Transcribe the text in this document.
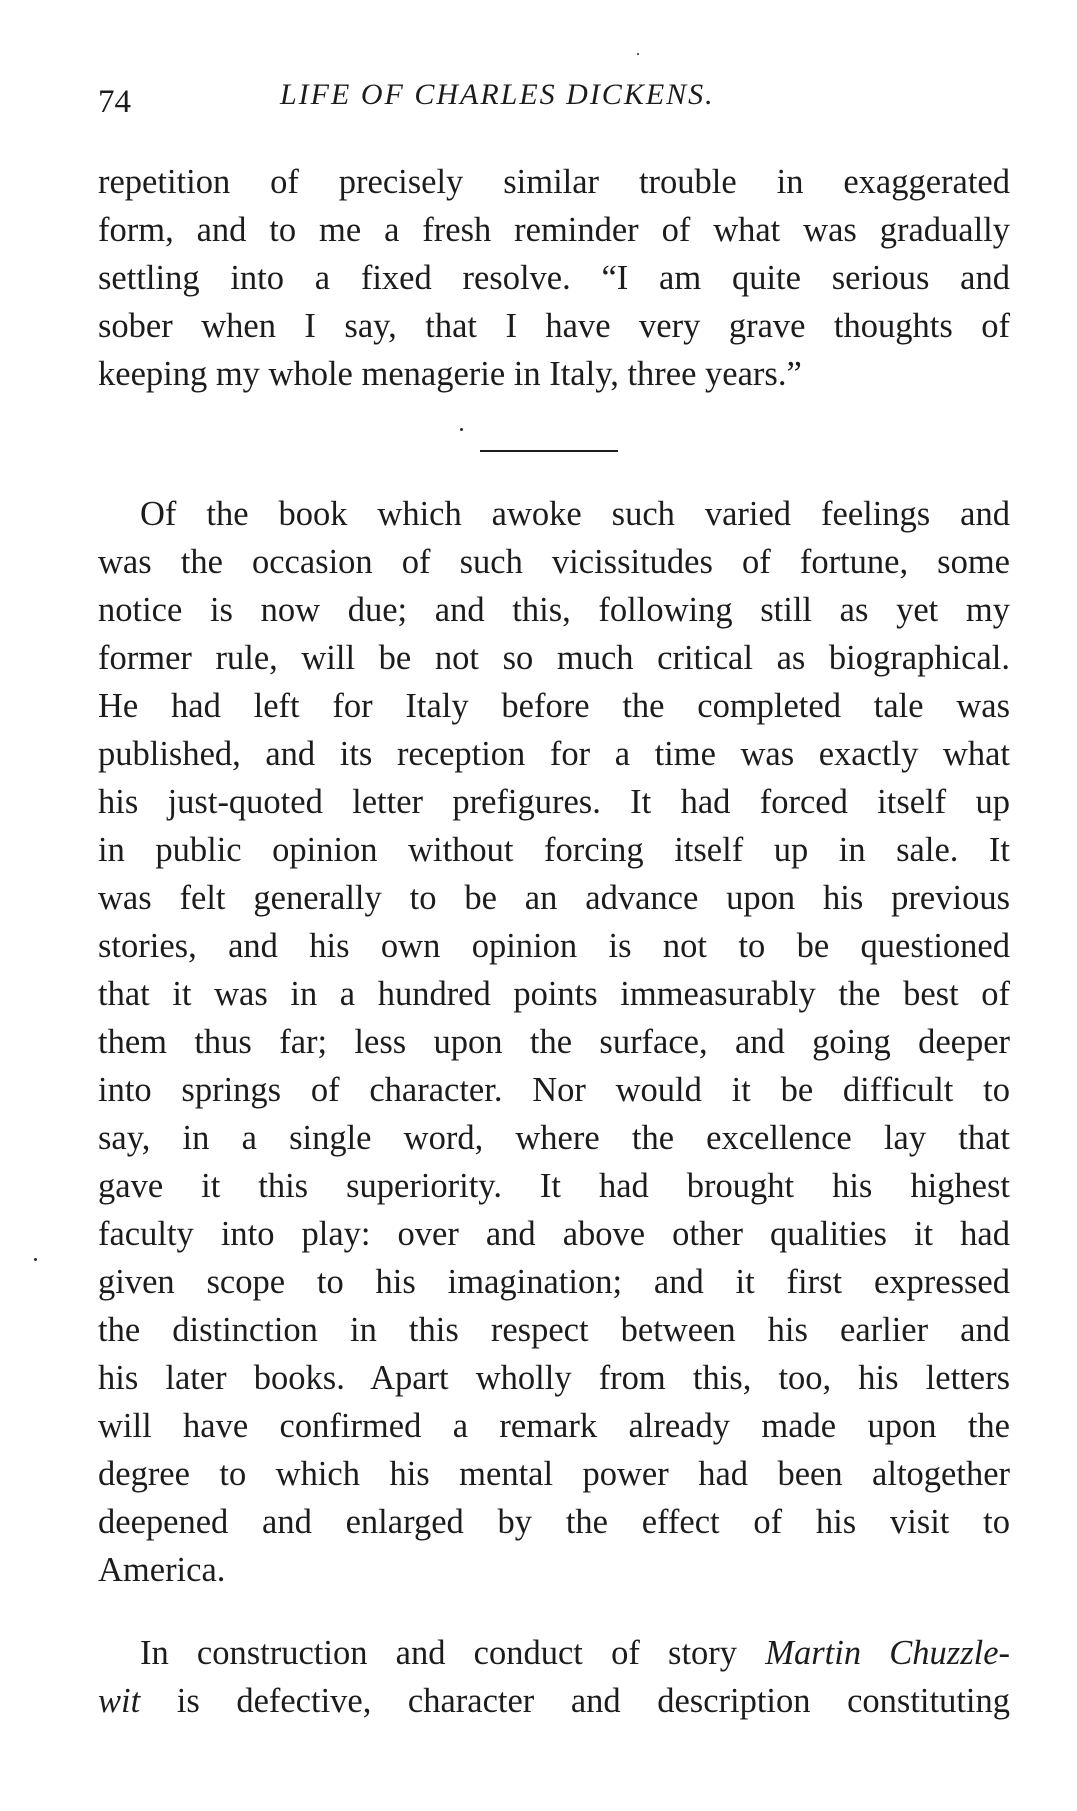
74	LIFE OF CHARLES DICKENS.
repetition of precisely similar trouble in exaggerated
form, and to me a fresh reminder of what was gradually
settling into a fixed resolve. “I am quite serious and
sober when I say, that I have very grave thoughts of
keeping my whole menagerie in Italy, three years.”
Of the book which awoke such varied feelings and
was the occasion of such vicissitudes of fortune, some
notice is now due; and this, following still as yet my
former rule, will be not so much critical as biographical.
He had left for Italy before the completed tale was
published, and its reception for a time was exactly what
his just-quoted letter prefigures. It had forced itself up
in public opinion without forcing itself up in sale. It
was felt generally to be an advance upon his previous
stories, and his own opinion is not to be questioned
that it was in a hundred points immeasurably the best of
them thus far; less upon the surface, and going deeper
into springs of character. Nor would it be difficult to
say, in a single word, where the excellence lay that
gave it this superiority. It had brought his highest
faculty into play: over and above other qualities it had
given scope to his imagination; and it first expressed
the distinction in this respect between his earlier and
his later books. Apart wholly from this, too, his letters
will have confirmed a remark already made upon the
degree to which his mental power had been altogether
deepened and enlarged by the effect of his visit to
America.
In construction and conduct of story Martin Chuzzle-
wit is defective, character and description constituting
